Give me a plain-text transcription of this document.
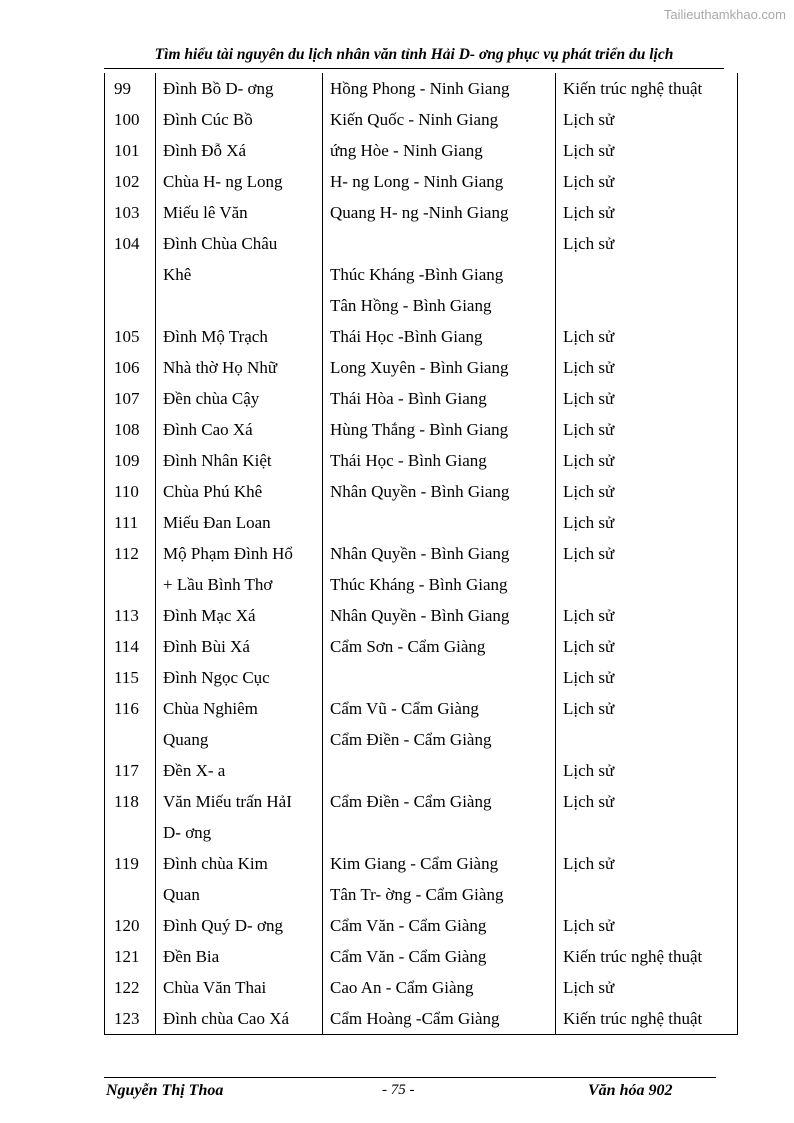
Tailieuthamkhao.com
Tìm hiểu tài nguyên du lịch nhân văn tỉnh Hải D- ơng phục vụ phát triển du lịch
99	Đình Bồ D- ơng	Hồng Phong - Ninh Giang	Kiến trúc nghệ thuật
100	Đình Cúc Bồ	Kiến Quốc - Ninh Giang	Lịch sử
101	Đình Đỗ Xá	ứng Hòe - Ninh Giang	Lịch sử
102	Chùa H- ng Long	H- ng Long - Ninh Giang	Lịch sử
103	Miếu lê Văn	Quang H- ng -Ninh Giang	Lịch sử
104	Đình Chùa Châu		Lịch sử
	Khê	Thúc Kháng -Bình Giang	
		Tân Hồng - Bình Giang	
105	Đình Mộ Trạch	Thái Học -Bình Giang	Lịch sử
106	Nhà thờ Họ Nhữ	Long Xuyên - Bình Giang	Lịch sử
107	Đền chùa Cậy	Thái Hòa - Bình Giang	Lịch sử
108	Đình Cao Xá	Hùng Thắng - Bình Giang	Lịch sử
109	Đình Nhân Kiệt	Thái Học - Bình Giang	Lịch sử
110	Chùa Phú Khê	Nhân Quyền - Bình Giang	Lịch sử
111	Miếu Đan Loan		Lịch sử
112	Mộ Phạm Đình Hổ	Nhân Quyền - Bình Giang	Lịch sử
	+ Lầu Bình Thơ	Thúc Kháng - Bình Giang	
113	Đình Mạc Xá	Nhân Quyền - Bình Giang	Lịch sử
114	Đình Bùi Xá	Cẩm Sơn - Cẩm Giàng	Lịch sử
115	Đình Ngọc Cục		Lịch sử
116	Chùa Nghiêm	Cẩm Vũ - Cẩm Giàng	Lịch sử
	Quang	Cẩm Điền - Cẩm Giàng	
117	Đền X- a		Lịch sử
118	Văn Miếu trấn HảI	Cẩm Điền - Cẩm Giàng	Lịch sử
	D- ơng		
119	Đình chùa Kim	Kim Giang - Cẩm Giàng	Lịch sử
	Quan	Tân Tr- ờng - Cẩm Giàng	
120	Đình Quý D- ơng	Cẩm Văn - Cẩm Giàng	Lịch sử
121	Đền Bia	Cẩm Văn - Cẩm Giàng	Kiến trúc nghệ thuật
122	Chùa Văn Thai	Cao An - Cẩm Giàng	Lịch sử
123	Đình chùa Cao Xá	Cẩm Hoàng -Cẩm Giàng	Kiến trúc nghệ thuật
Nguyễn Thị Thoa	- 75 -	Văn hóa 902
